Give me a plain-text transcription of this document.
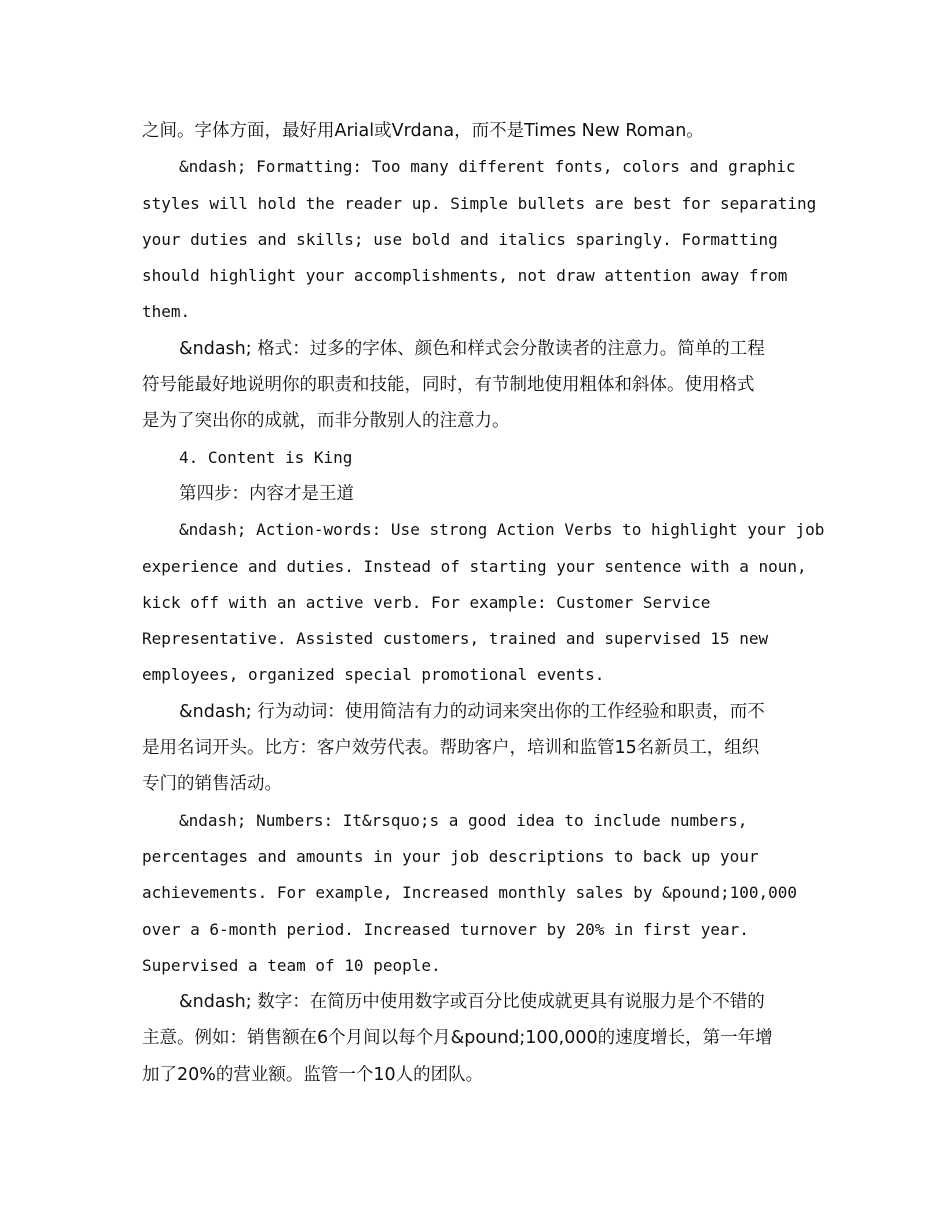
之间。字体方面，最好用Arial或Vrdana，而不是Times New Roman。

&ndash; Formatting: Too many different fonts, colors and graphic
styles will hold the reader up. Simple bullets are best for separating
your duties and skills; use bold and italics sparingly. Formatting
should highlight your accomplishments, not draw attention away from
them.

&ndash; 格式：过多的字体、颜色和样式会分散读者的注意力。简单的工程
符号能最好地说明你的职责和技能，同时，有节制地使用粗体和斜体。使用格式
是为了突出你的成就，而非分散别人的注意力。

4. Content is King

第四步：内容才是王道

&ndash; Action-words: Use strong Action Verbs to highlight your job
experience and duties. Instead of starting your sentence with a noun,
kick off with an active verb. For example: Customer Service
Representative. Assisted customers, trained and supervised 15 new
employees, organized special promotional events.

&ndash; 行为动词：使用简洁有力的动词来突出你的工作经验和职责，而不
是用名词开头。比方：客户效劳代表。帮助客户，培训和监管15名新员工，组织
专门的销售活动。

&ndash; Numbers: It&rsquo;s a good idea to include numbers,
percentages and amounts in your job descriptions to back up your
achievements. For example, Increased monthly sales by &pound;100,000
over a 6-month period. Increased turnover by 20% in first year.
Supervised a team of 10 people.

&ndash; 数字：在简历中使用数字或百分比使成就更具有说服力是个不错的
主意。例如：销售额在6个月间以每个月&pound;100,000的速度增长，第一年增
加了20%的营业额。监管一个10人的团队。
